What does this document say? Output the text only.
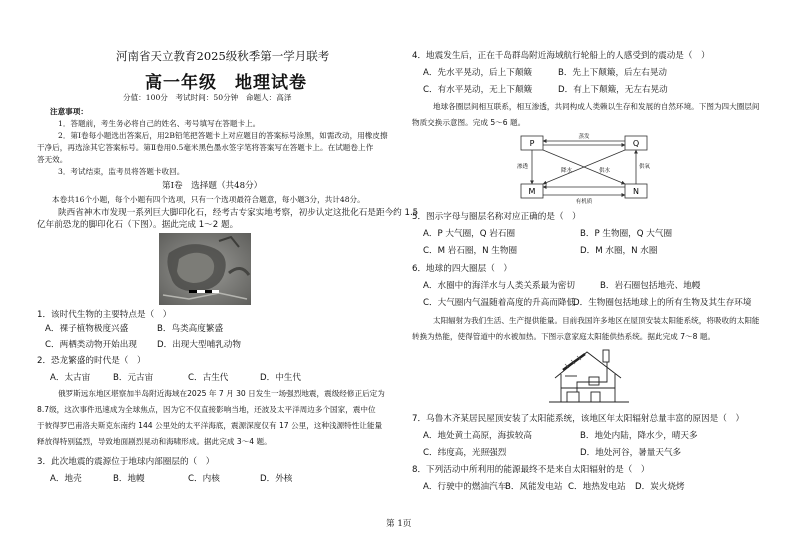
河南省天立教育2025级秋季第一学月联考
高一年级　地理试卷
分值：100分　考试时间：50分钟　命题人：高泽
注意事项：
1．答题前，考生务必将自己的姓名、考号填写在答题卡上。
2．第Ⅰ卷每小题选出答案后，用2B铅笔把答题卡上对应题目的答案标号涂黑，如需改动，用橡皮擦
干净后，再选涂其它答案标号。第Ⅱ卷用0.5毫米黑色墨水签字笔将答案写在答题卡上。在试题卷上作
答无效。
3．考试结束，监考员将答题卡收回。
第Ⅰ卷　选择题（共48分）
本卷共16个小题，每个小题有四个选项，只有一个选项最符合题意，每小题3分，共计48分。
陕西省神木市发现一系列巨大脚印化石，经考古专家实地考察，初步认定这批化石是距今约 1.5
亿年前恐龙的脚印化石（下图）。据此完成 1～2 题。
1．该时代生物的主要特点是（　）
A．裸子植物极度兴盛	B．鸟类高度繁盛
C．两栖类动物开始出现 D．出现大型哺乳动物
2．恐龙繁盛的时代是（　）
A．太古宙	B．元古宙	C．古生代	D．中生代
俄罗斯远东地区堪察加半岛附近海域在2025 年 7 月 30 日发生一场强烈地震，震级经修正后定为
8.7级，这次事件迅速成为全球焦点，因为它不仅直接影响当地，还波及太平洋周边多个国家，震中位
于彼得罗巴甫洛夫斯克东南约 144 公里处的太平洋海底，震源深度仅有 17 公里，这种浅源特性让能量
释放得特别猛烈，导致地面剧烈晃动和海啸形成。据此完成 3～4 题。
3．此次地震的震源位于地球内部圈层的（　）
A．地壳	B．地幔	C．内核	D．外核
4．地震发生后，正在千岛群岛附近海域航行轮船上的人感受到的震动是（　）
A．先水平晃动，后上下颠簸	B．先上下颠簸，后左右晃动
C．有水平晃动，无上下颠簸	D．有上下颠簸，无左右晃动
地球各圈层间相互联系，相互渗透，共同构成人类赖以生存和发展的自然环境。下图为四大圈层间
物质交换示意图。完成 5～6 题。
P	Q
M	N
蒸发
渗透
降水	供水
供氧
有机质
5．图示字母与圈层名称对应正确的是（　）
A．P 大气圈，Q 岩石圈	B．P 生物圈，Q 大气圈
C．M 岩石圈，N 生物圈	D．M 水圈，N 水圈
6．地球的四大圈层（　）
A．水圈中的海洋水与人类关系最为密切	B．岩石圈包括地壳、地幔
C．大气圈内气温随着高度的升高而降低
D．生物圈包括地球上的所有生物及其生存环境
太阳辐射为我们生活、生产提供能量。目前我国许多地区在屋顶安装太阳能系统，将吸收的太阳能
转换为热能，使得管道中的水被加热。下图示意家庭太阳能供热系统。据此完成 7～8 题。
7．乌鲁木齐某居民屋顶安装了太阳能系统，该地区年太阳辐射总量丰富的原因是（　）
A．地处黄土高原，海拔较高	B．地处内陆，降水少，晴天多
C．纬度高，光照强烈	D．地处河谷，暑量天气多
8．下列活动中所利用的能源最终不是来自太阳辐射的是（　）
A．行驶中的燃油汽车
B．风能发电站 C．地热发电站 D．炭火烧烤
第 1页
